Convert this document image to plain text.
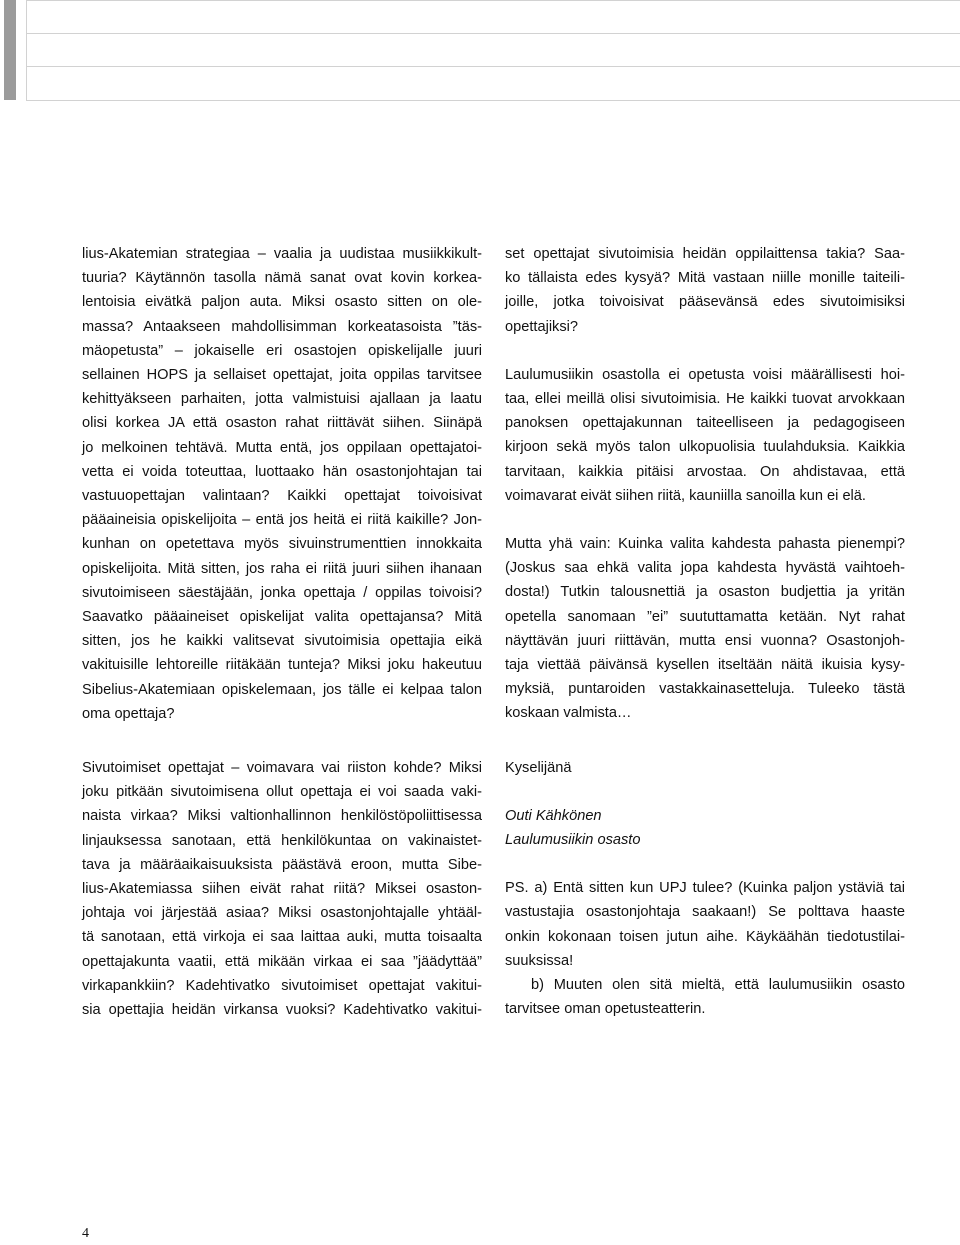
lius-Akatemian strategiaa – vaalia ja uudistaa musiikkikult-

tuuria? Käytännön tasolla nämä sanat ovat kovin korkea-

lentoisia eivätkä paljon auta. Miksi osasto sitten on ole-

massa? Antaakseen mahdollisimman korkeatasoista ”täs-

mäopetusta” – jokaiselle eri osastojen opiskelijalle juuri

sellainen HOPS ja sellaiset opettajat, joita oppilas tarvitsee

kehittyäkseen parhaiten, jotta valmistuisi ajallaan ja laatu

olisi korkea JA että osaston rahat riittävät siihen. Siinäpä

jo melkoinen tehtävä. Mutta entä, jos oppilaan opettajatoi-

vetta ei voida toteuttaa, luottaako hän osastonjohtajan tai

vastuuopettajan valintaan? Kaikki opettajat toivoisivat

pääaineisia opiskelijoita – entä jos heitä ei riitä kaikille? Jon-

kunhan on opetettava myös sivuinstrumenttien innokkaita

opiskelijoita. Mitä sitten, jos raha ei riitä juuri siihen ihanaan

sivutoimiseen säestäjään, jonka opettaja / oppilas toivoisi?

Saavatko pääaineiset opiskelijat valita opettajansa? Mitä

sitten, jos he kaikki valitsevat sivutoimisia opettajia eikä

vakituisille lehtoreille riitäkään tunteja? Miksi joku hakeutuu

Sibelius-Akatemiaan opiskelemaan, jos tälle ei kelpaa talon

oma opettaja?

Sivutoimiset opettajat – voimavara vai riiston kohde? Miksi

joku pitkään sivutoimisena ollut opettaja ei voi saada vaki-

naista virkaa? Miksi valtionhallinnon henkilöstöpoliittisessa

linjauksessa sanotaan, että henkilökuntaa on vakinaistet-

tava ja määräaikaisuuksista päästävä eroon, mutta Sibe-

lius-Akatemiassa siihen eivät rahat riitä? Miksei osaston-

johtaja voi järjestää asiaa? Miksi osastonjohtajalle yhtääl-

tä sanotaan, että virkoja ei saa laittaa auki, mutta toisaalta

opettajakunta vaatii, että mikään virkaa ei saa ”jäädyttää”

virkapankkiin? Kadehtivatko sivutoimiset opettajat vakitui-

sia opettajia heidän virkansa vuoksi? Kadehtivatko vakitui-

set opettajat sivutoimisia heidän oppilaittensa takia? Saa-

ko tällaista edes kysyä? Mitä vastaan niille monille taiteili-

joille, jotka toivoisivat pääsevänsä edes sivutoimisiksi

opettajiksi?

Laulumusiikin osastolla ei opetusta voisi määrällisesti hoi-

taa, ellei meillä olisi sivutoimisia. He kaikki tuovat arvokkaan

panoksen opettajakunnan taiteelliseen ja pedagogiseen

kirjoon sekä myös talon ulkopuolisia tuulahduksia. Kaikkia

tarvitaan, kaikkia pitäisi arvostaa. On ahdistavaa, että

voimavarat eivät siihen riitä, kauniilla sanoilla kun ei elä.

Mutta yhä vain: Kuinka valita kahdesta pahasta pienempi?

(Joskus saa ehkä valita jopa kahdesta hyvästä vaihtoeh-

dosta!) Tutkin talousnettiä ja osaston budjettia ja yritän

opetella sanomaan ”ei” suututtamatta ketään. Nyt rahat

näyttävän juuri riittävän, mutta ensi vuonna? Osastonjoh-

taja viettää päivänsä kysellen itseltään näitä ikuisia kysy-

myksiä, puntaroiden vastakkainasetteluja. Tuleeko tästä

koskaan valmista…

Kyselijänä

Outi Kähkönen

Laulumusiikin osasto

PS. a) Entä sitten kun UPJ tulee? (Kuinka paljon ystäviä tai

vastustajia osastonjohtaja saakaan!) Se polttava haaste

onkin kokonaan toisen jutun aihe. Käykäähän tiedotustilai-

suuksissa!

b) Muuten olen sitä mieltä, että laulumusiikin osasto

tarvitsee oman opetusteatterin.

4
